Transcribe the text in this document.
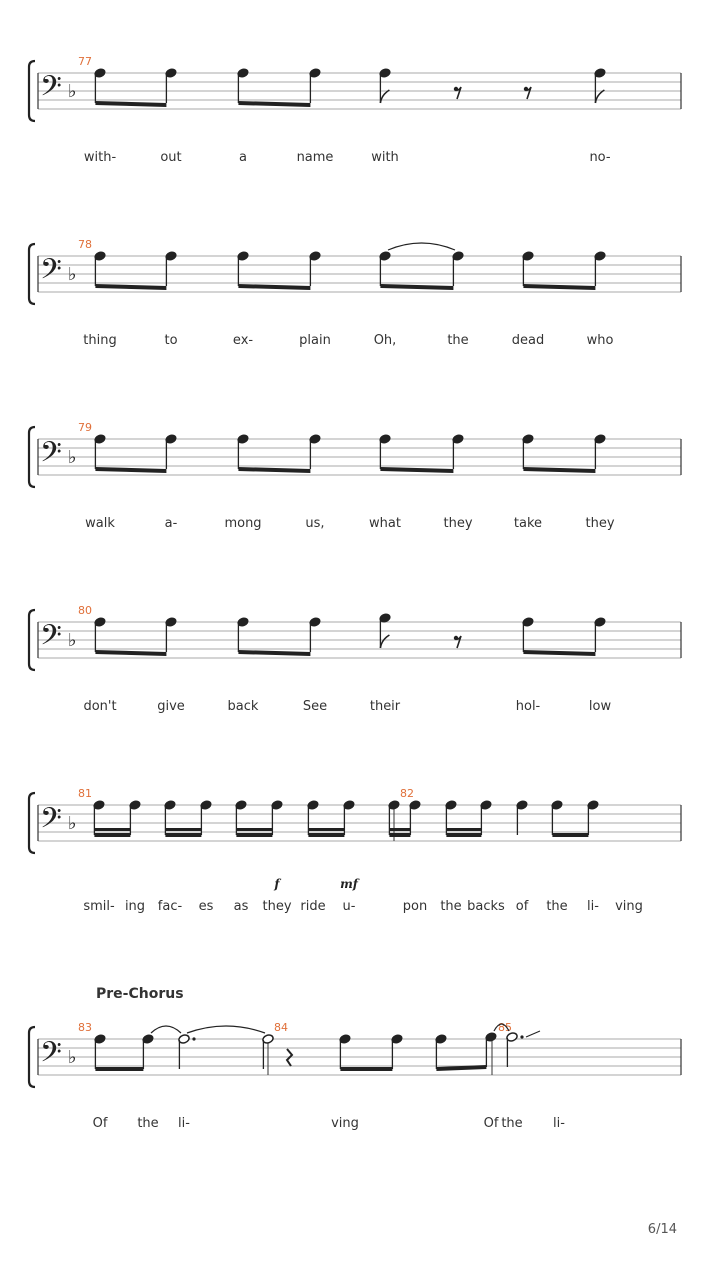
𝄢 ♭
77
𝄢 ♭
78
𝄢 ♭
79
𝄢 ♭
80
𝄢 ♭
81	82
𝄢 ♭
83	84	85
with-	out	a	name	with	no-
thing	to	ex-	plain	Oh,	the	dead	who
walk	a-	mong	us,	what	they	take	they
don't	give	back	See	their	hol-	low
smil- ing fac- es as they ride u-	pon the backs of the li- ving
f	mf
Of the li-	ving	Of the li-
Pre-Chorus
6/14
